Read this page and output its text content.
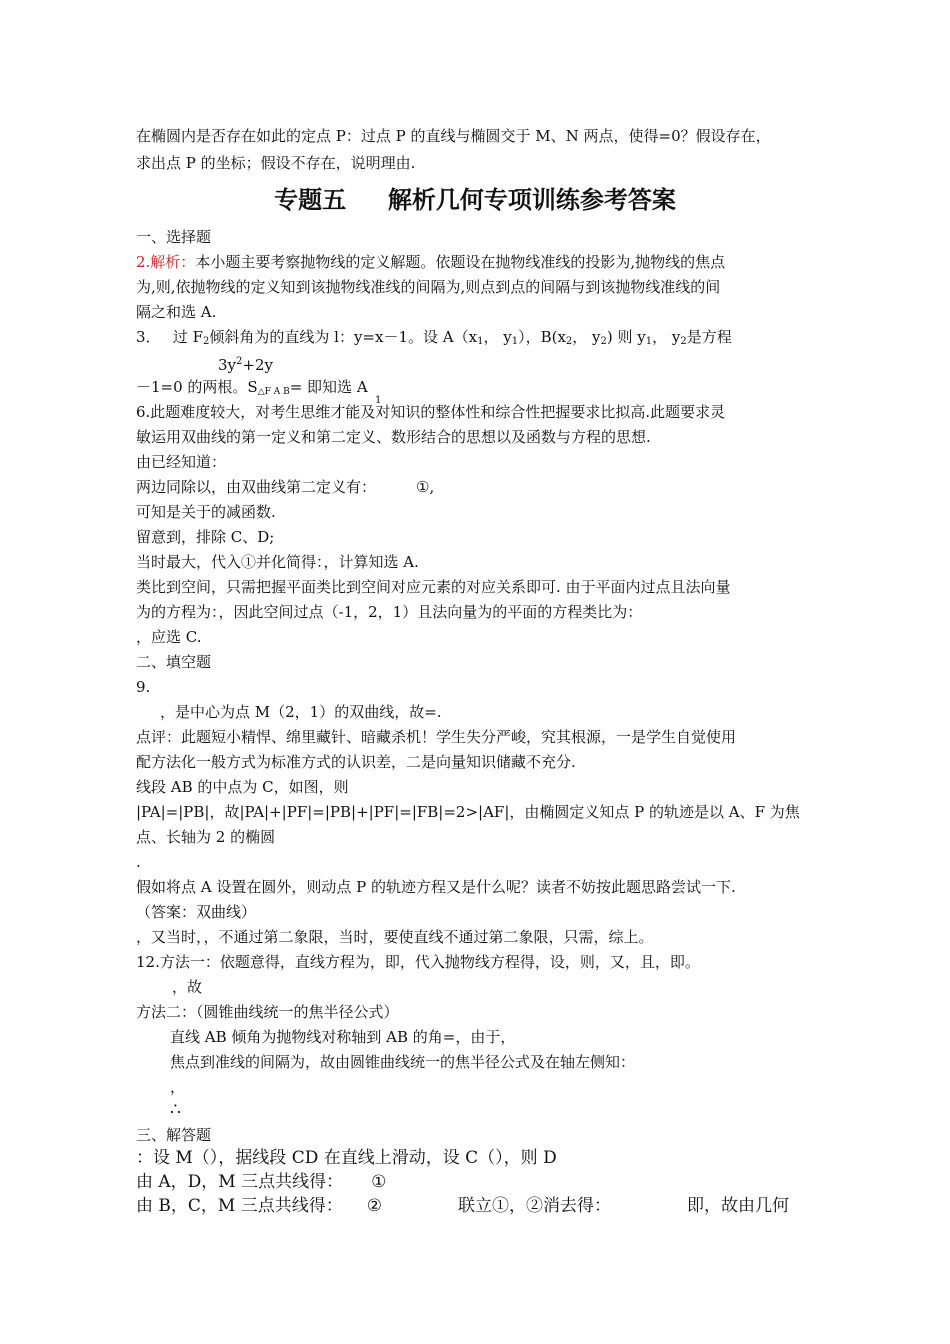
在椭圆内是否存在如此的定点 P：过点 P 的直线与椭圆交于 M、N 两点，使得=0？假设存在，
求出点 P 的坐标；假设不存在，说明理由.
专题五     解析几何专项训练参考答案
一、选择题
2.解析：本小题主要考察抛物线的定义解题。依题设在抛物线准线的投影为,抛物线的焦点
为,则,依抛物线的定义知到该抛物线准线的间隔为,则点到点的间隔与到该抛物线准线的间
隔之和选 A.
3．　 过 $F_2$倾斜角为的直线为 l：y=x－1。设 $A(x_1$， $y_1$），$B(x_2$， $y_2$) 则 $y_1$， $y_2$是方程
$3y^2+2y$
－1=0 的两根。$S_{\triangle F A B}=$ 即知选 A
1
6.此题难度较大，对考生思维才能及对知识的整体性和综合性把握要求比拟高.此题要求灵
敏运用双曲线的第一定义和第二定义、数形结合的思想以及函数与方程的思想.
由已经知道：
两边同除以，由双曲线第二定义有：	①,
可知是关于的减函数.
留意到，排除 C、D;
当时最大，代入①并化简得：，计算知选 A.
类比到空间，只需把握平面类比到空间对应元素的对应关系即可. 由于平面内过点且法向量
为的方程为：，因此空间过点（-1，2，1）且法向量为的平面的方程类比为：
，应选 C.
二、填空题
9.
，是中心为点 M（2，1）的双曲线，故=.
点评：此题短小精悍、绵里藏针、暗藏杀机！学生失分严峻，究其根源，一是学生自觉使用
配方法化一般方式为标准方式的认识差，二是向量知识储藏不充分.
线段 AB 的中点为 C，如图，则
|PA|=|PB|，故|PA|+|PF|=|PB|+|PF|=|FB|=2>|AF|，由椭圆定义知点 P 的轨迹是以 A、F 为焦
点、长轴为 2 的椭圆
.
假如将点 A 设置在圆外，则动点 P 的轨迹方程又是什么呢？读者不妨按此题思路尝试一下.
（答案：双曲线）
，又当时，，不通过第二象限，当时，要使直线不通过第二象限，只需，综上。
12.方法一：依题意得，直线方程为，即，代入抛物线方程得，设，则，又，且，即。
，故
方法二：（圆锥曲线统一的焦半径公式）
直线 AB 倾角为抛物线对称轴到 AB 的角=，由于，
焦点到准线的间隔为，故由圆锥曲线统一的焦半径公式及在轴左侧知：
，
∴
三、解答题
：设 M（），据线段 CD 在直线上滑动，设 C（），则 D
由 A，D，M 三点共线得： ①
由 B，C，M 三点共线得： ②	联立①，②消去得：	即，故由几何
